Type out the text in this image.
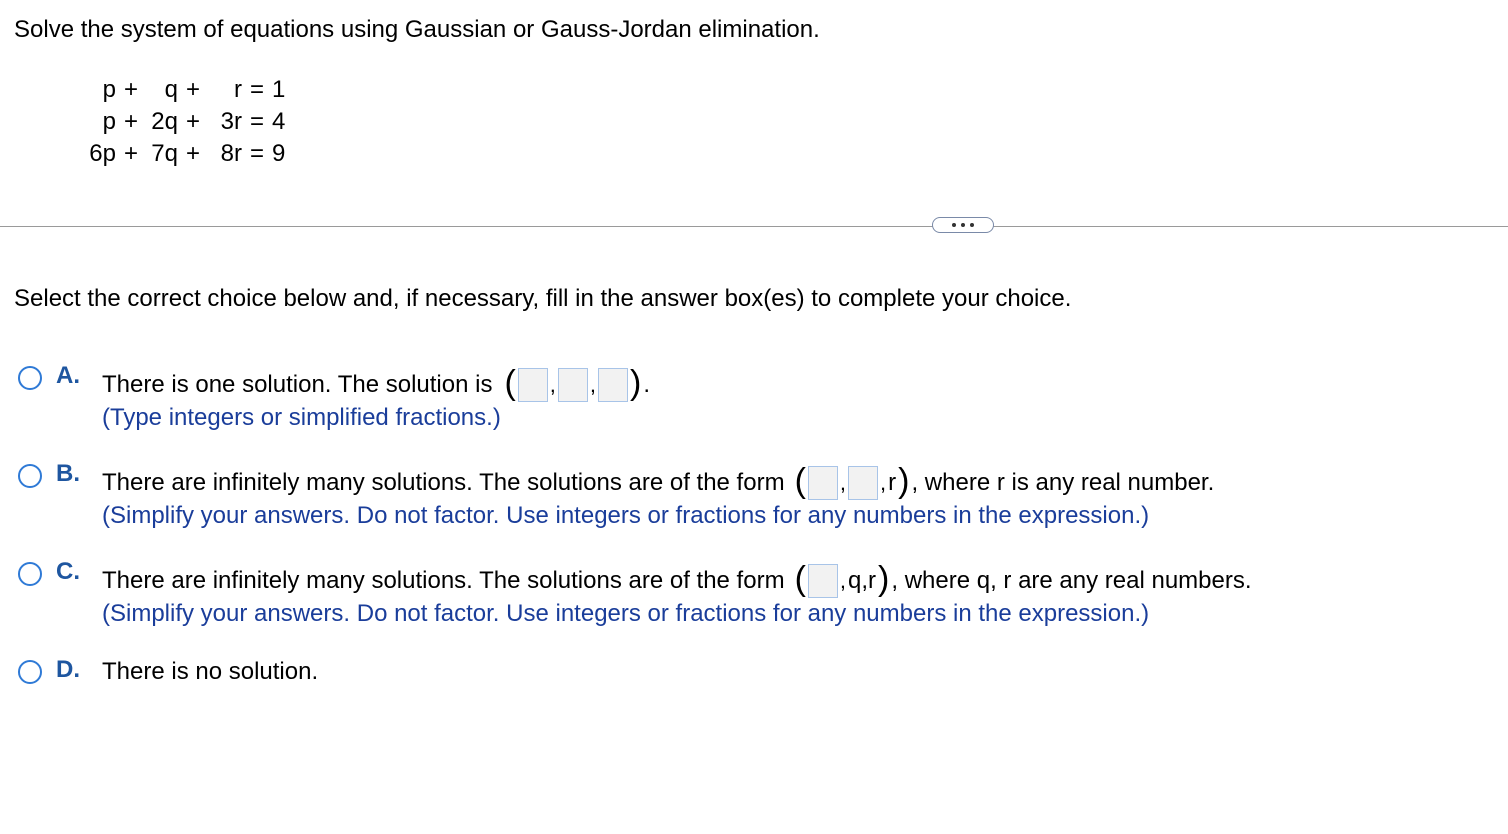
Solve the system of equations using Gaussian or Gauss-Jordan elimination.
p +	q +	r = 1
p + 2q + 3r = 4
6p + 7q + 8r = 9
Select the correct choice below and, if necessary, fill in the answer box(es) to complete your choice.
A. There is one solution. The solution is ( , , ) .
(Type integers or simplified fractions.)
B. There are infinitely many solutions. The solutions are of the form ( , , r ) , where r is any real number.
(Simplify your answers. Do not factor. Use integers or fractions for any numbers in the expression.)
C. There are infinitely many solutions. The solutions are of the form ( , q,r ) , where q, r are any real numbers.
(Simplify your answers. Do not factor. Use integers or fractions for any numbers in the expression.)
D. There is no solution.
